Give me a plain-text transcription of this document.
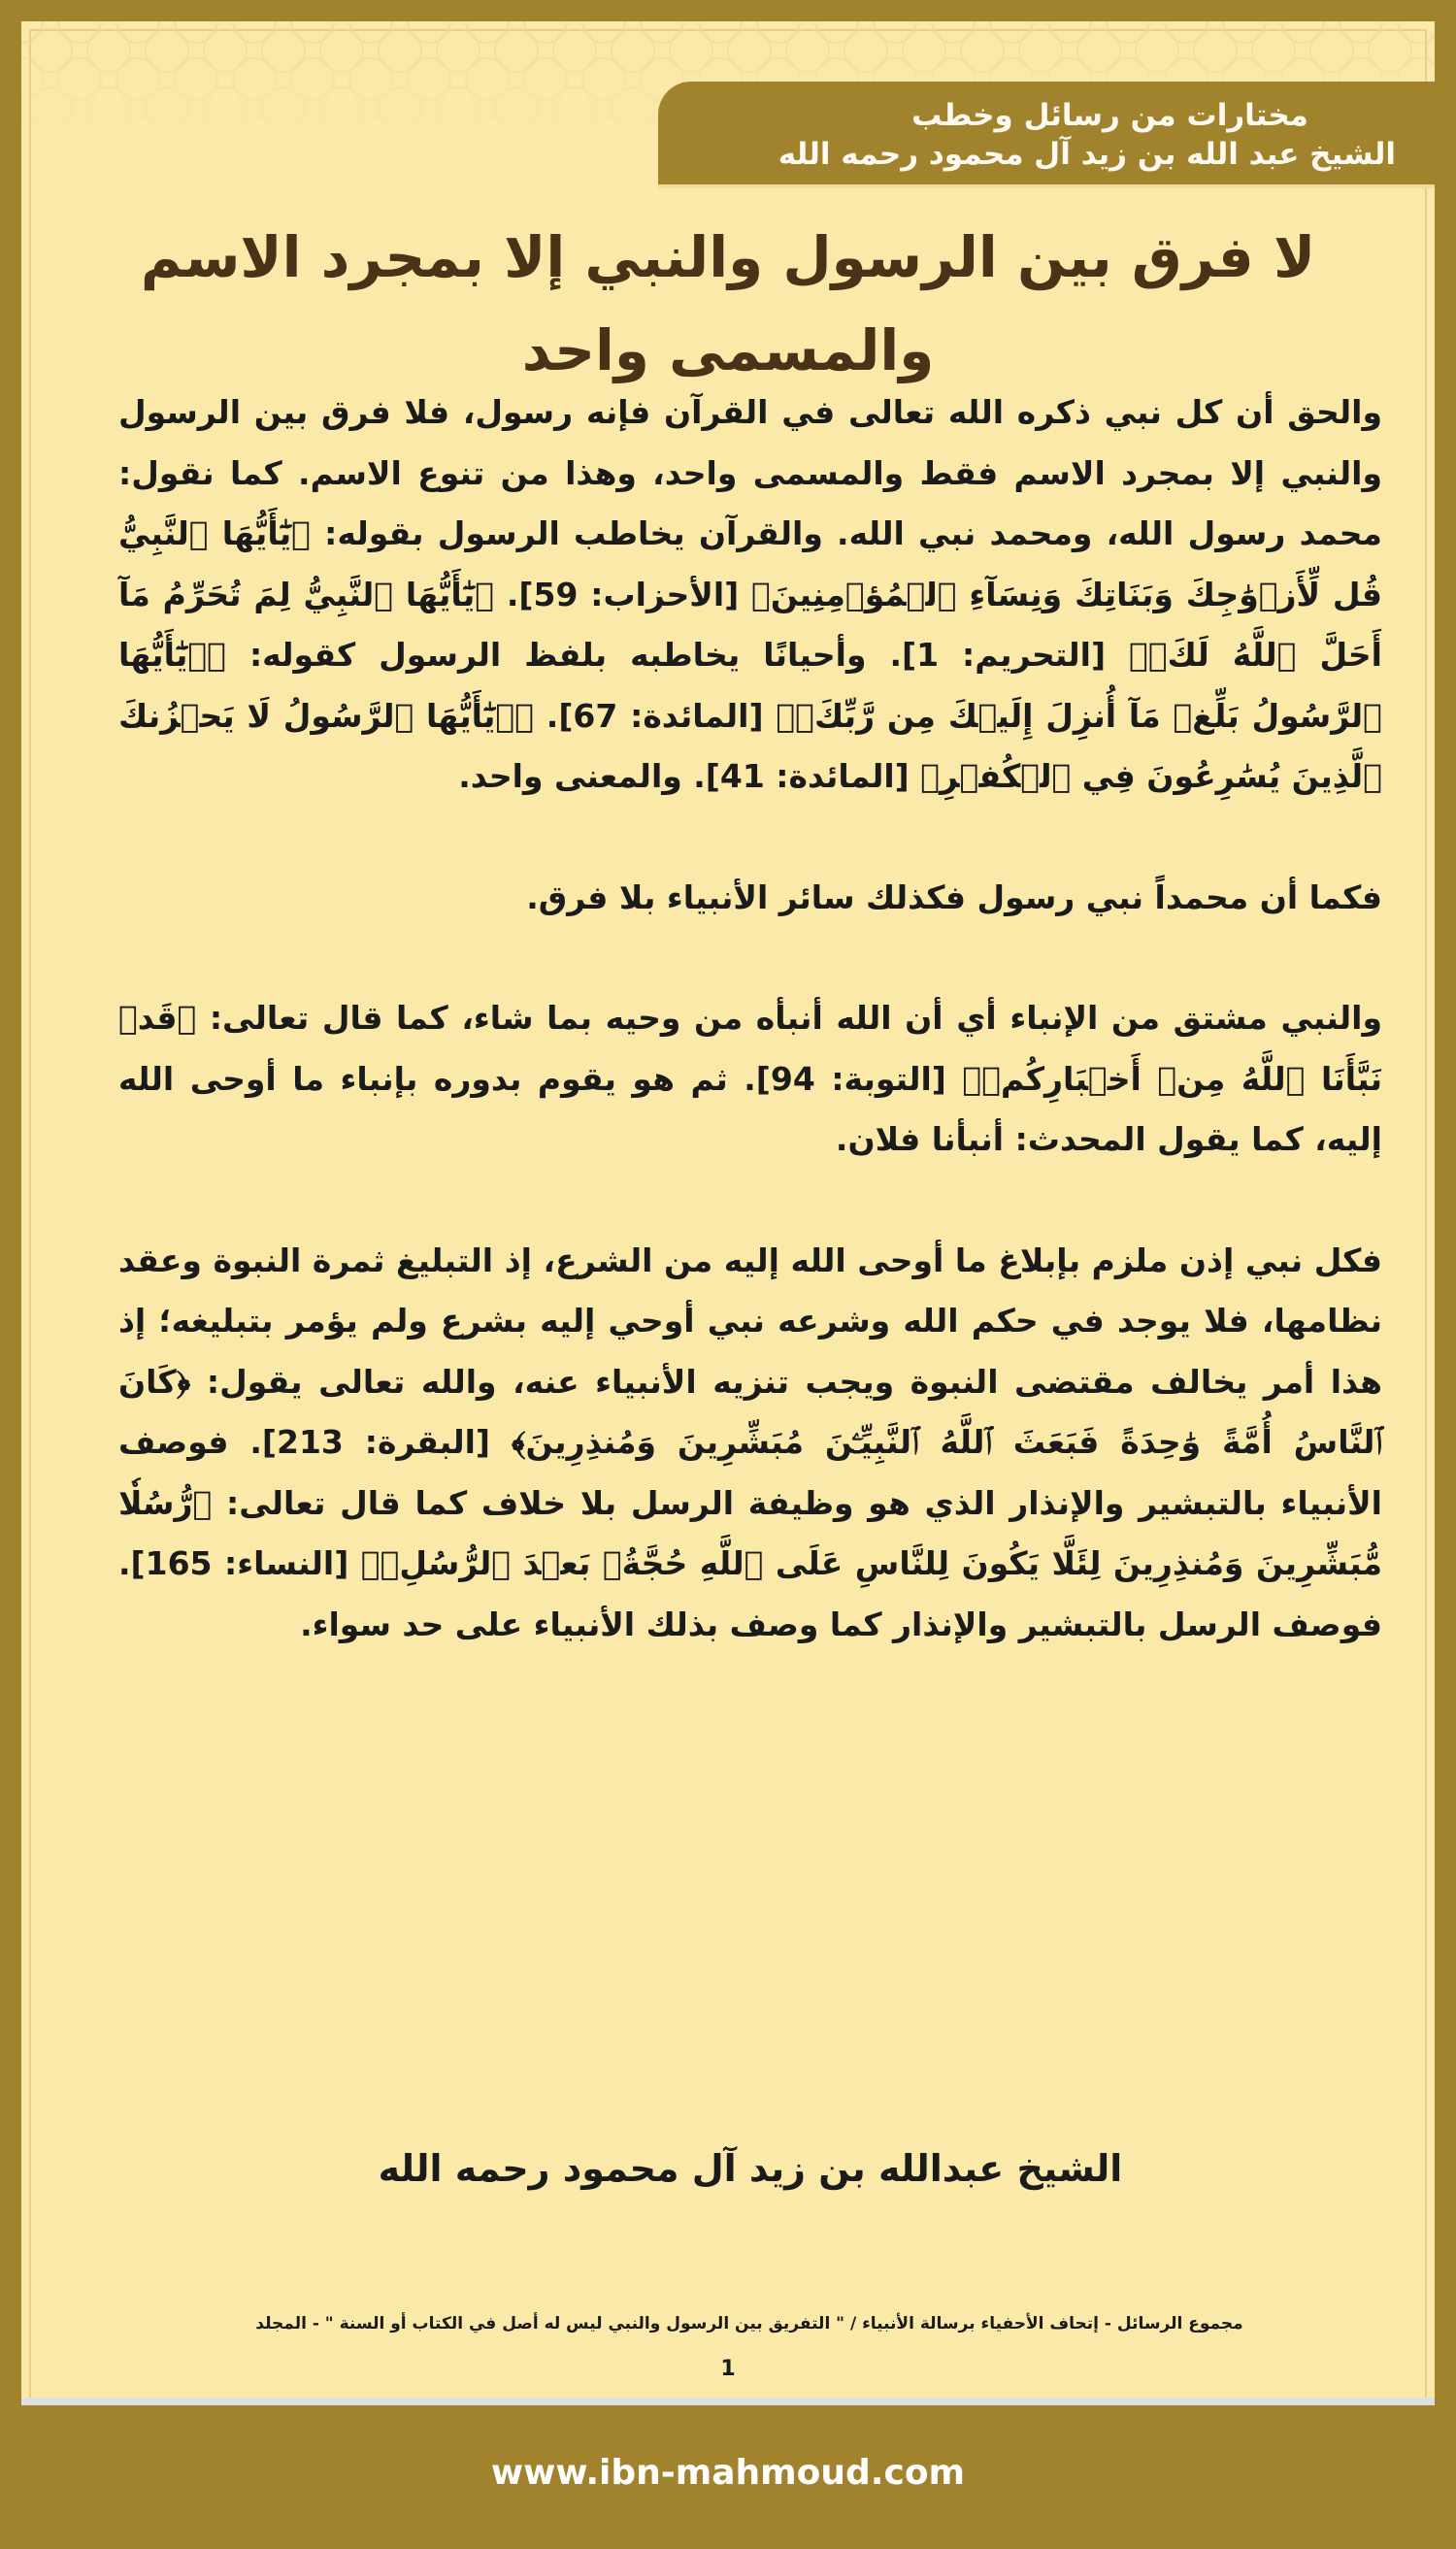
مختارات من رسائل وخطب
الشيخ عبد الله بن زيد آل محمود رحمه الله
لا فرق بين الرسول والنبي إلا بمجرد الاسم والمسمى واحد

والحق أن كل نبي ذكره الله تعالى في القرآن فإنه رسول، فلا فرق بين الرسول والنبي إلا بمجرد الاسم فقط والمسمى واحد، وهذا من تنوع الاسم. كما نقول: محمد رسول الله، ومحمد نبي الله. والقرآن يخاطب الرسول بقوله: ﴿يَٰٓأَيُّهَا ٱلنَّبِيُّ قُل لِّأَزۡوَٰجِكَ وَبَنَاتِكَ وَنِسَآءِ ٱلۡمُؤۡمِنِينَ﴾ [الأحزاب: 59]. ﴿يَٰٓأَيُّهَا ٱلنَّبِيُّ لِمَ تُحَرِّمُ مَآ أَحَلَّ ٱللَّهُ لَكَۖ﴾ [التحريم: 1]. وأحيانًا يخاطبه بلفظ الرسول كقوله: ﴿۞يَٰٓأَيُّهَا ٱلرَّسُولُ بَلِّغۡ مَآ أُنزِلَ إِلَيۡكَ مِن رَّبِّكَۖ﴾ [المائدة: 67]. ﴿۞يَٰٓأَيُّهَا ٱلرَّسُولُ لَا يَحۡزُنكَ ٱلَّذِينَ يُسَٰرِعُونَ فِي ٱلۡكُفۡرِ﴾ [المائدة: 41]. والمعنى واحد.

فكما أن محمداً نبي رسول فكذلك سائر الأنبياء بلا فرق.

والنبي مشتق من الإنباء أي أن الله أنبأه من وحيه بما شاء، كما قال تعالى: ﴿قَدۡ نَبَّأَنَا ٱللَّهُ مِنۡ أَخۡبَارِكُمۡ﴾ [التوبة: 94]. ثم هو يقوم بدوره بإنباء ما أوحى الله إليه، كما يقول المحدث: أنبأنا فلان.

فكل نبي إذن ملزم بإبلاغ ما أوحى الله إليه من الشرع، إذ التبليغ ثمرة النبوة وعقد نظامها، فلا يوجد في حكم الله وشرعه نبي أوحي إليه بشرع ولم يؤمر بتبليغه؛ إذ هذا أمر يخالف مقتضى النبوة ويجب تنزيه الأنبياء عنه، والله تعالى يقول: ﴿كَانَ ٱلنَّاسُ أُمَّةً وَٰحِدَةً فَبَعَثَ ٱللَّهُ ٱلنَّبِيِّـۧنَ مُبَشِّرِينَ وَمُنذِرِينَ﴾ [البقرة: 213]. فوصف الأنبياء بالتبشير والإنذار الذي هو وظيفة الرسل بلا خلاف كما قال تعالى: ﴿رُّسُلٗا مُّبَشِّرِينَ وَمُنذِرِينَ لِئَلَّا يَكُونَ لِلنَّاسِ عَلَى ٱللَّهِ حُجَّةُۢ بَعۡدَ ٱلرُّسُلِۚ﴾ [النساء: 165]. فوصف الرسل بالتبشير والإنذار كما وصف بذلك الأنبياء على حد سواء.

الشيخ عبدالله بن زيد آل محمود رحمه الله
مجموع الرسائل - إتحاف الأحفياء برسالة الأنبياء / " التفريق بين الرسول والنبي ليس له أصل في الكتاب أو السنة " - المجلد
1
www.ibn-mahmoud.com
